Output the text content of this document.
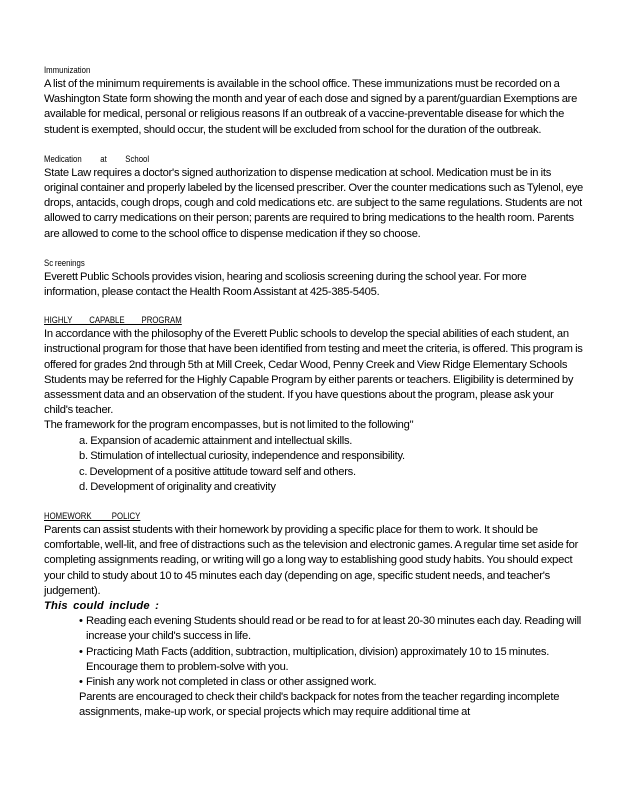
Immunization

A list of the minimum requirements is available in the school office. These immunizations must be recorded on a Washington State form showing the month and year of each dose and signed by a parent/guardian Exemptions are available for medical, personal or religious reasons If an outbreak of a vaccine-preventable disease for which the student is exempted, should occur, the student will be excluded from school for the duration of the outbreak.

Medication at School

State Law requires a doctor's signed authorization to dispense medication at school. Medication must be in its original container and properly labeled by the licensed prescriber. Over the counter medications such as Tylenol, eye drops, antacids, cough drops, cough and cold medications etc. are subject to the same regulations. Students are not allowed to carry medications on their person; parents are required to bring medications to the health room. Parents are allowed to come to the school office to dispense medication if they so choose.

Sc reenings

Everett Public Schools provides vision, hearing and scoliosis screening during the school year. For more information, please contact the Health Room Assistant at 425-385-5405.

HIGHLY CAPABLE PROGRAM

In accordance with the philosophy of the Everett Public schools to develop the special abilities of each student, an instructional program for those that have been identified from testing and meet the criteria, is offered. This program is offered for grades 2nd through 5th at Mill Creek, Cedar Wood, Penny Creek and View Ridge Elementary Schools

Students may be referred for the Highly Capable Program by either parents or teachers. Eligibility is determined by assessment data and an observation of the student. If you have questions about the program, please ask your child's teacher.

The framework for the program encompasses, but is not limited to the following"

a. Expansion of academic attainment and intellectual skills.
b. Stimulation of intellectual curiosity, independence and responsibility.
c. Development of a positive attitude toward self and others.
d. Development of originality and creativity
HOMEWORK POLICY

Parents can assist students with their homework by providing a specific place for them to work. It should be comfortable, well-lit, and free of distractions such as the television and electronic games. A regular time set aside for completing assignments reading, or writing will go a long way to establishing good study habits. You should expect your child to study about 10 to 45 minutes each day (depending on age, specific student needs, and teacher's judgement).

This could include :

• Reading each evening Students should read or be read to for at least 20-30 minutes each day. Reading will increase your child's success in life.
• Practicing Math Facts (addition, subtraction, multiplication, division) approximately 10 to 15 minutes. Encourage them to problem-solve with you.
• Finish any work not completed in class or other assigned work.

Parents are encouraged to check their child's backpack for notes from the teacher regarding incomplete assignments, make-up work, or special projects which may require additional time at
